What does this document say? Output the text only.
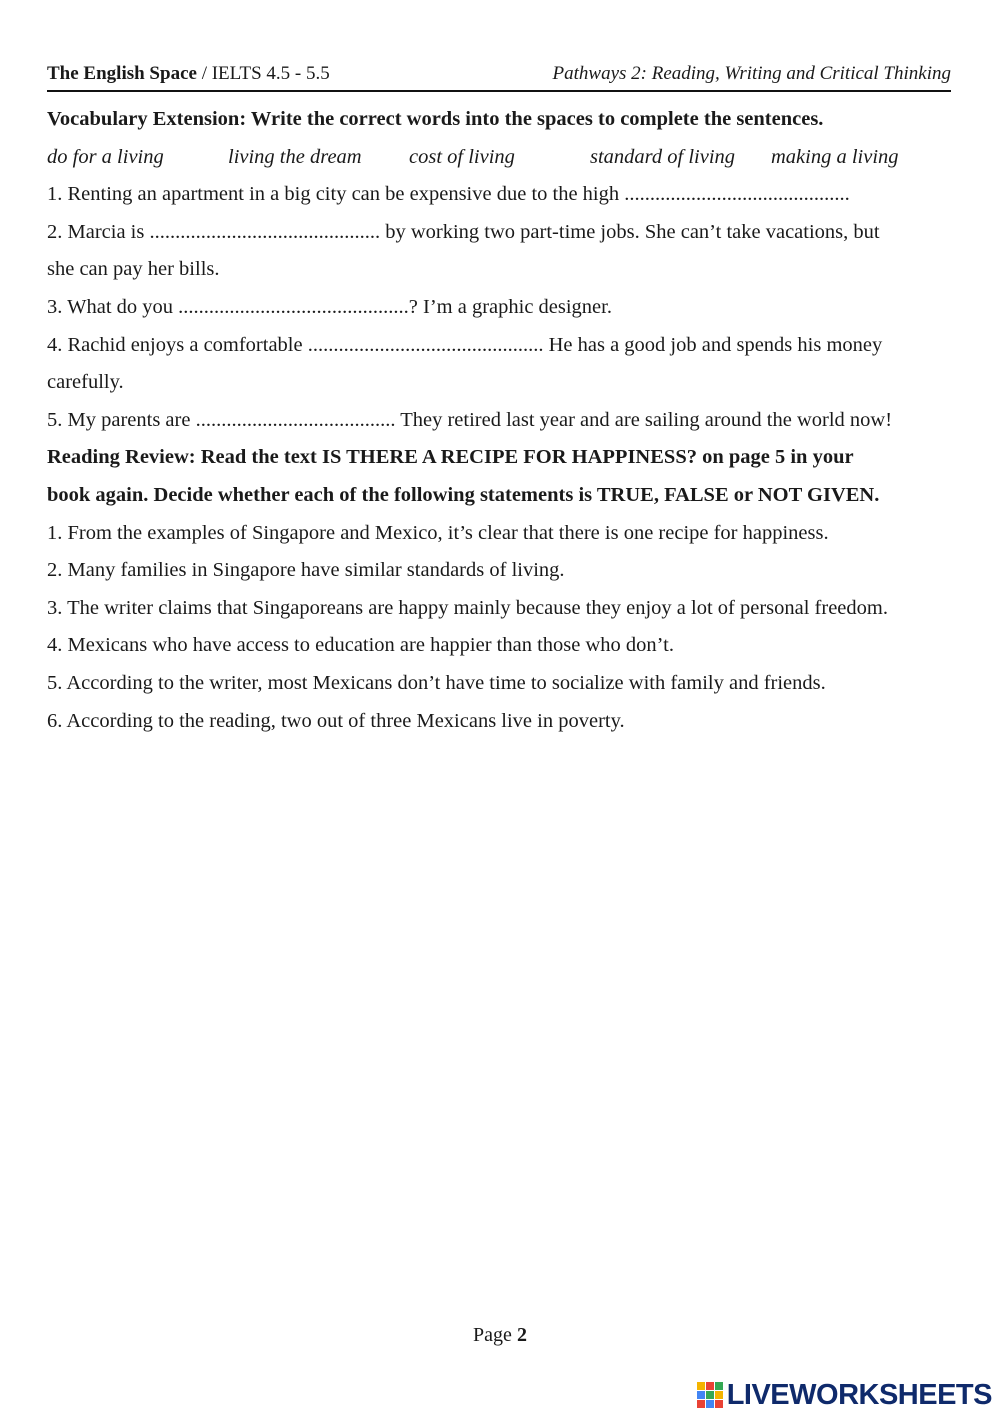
The English Space / IELTS 4.5 - 5.5	Pathways 2: Reading, Writing and Critical Thinking
Vocabulary Extension: Write the correct words into the spaces to complete the sentences.
do for a living	living the dream cost of living	standard of living making a living
1. Renting an apartment in a big city can be expensive due to the high ............................................
2. Marcia is ............................................. by working two part-time jobs. She can’t take vacations, but
she can pay her bills.
3. What do you .............................................? I’m a graphic designer.
4. Rachid enjoys a comfortable .............................................. He has a good job and spends his money
carefully.
5. My parents are ....................................... They retired last year and are sailing around the world now!
Reading Review: Read the text IS THERE A RECIPE FOR HAPPINESS? on page 5 in your
book again. Decide whether each of the following statements is TRUE, FALSE or NOT GIVEN.
1. From the examples of Singapore and Mexico, it’s clear that there is one recipe for happiness.
2. Many families in Singapore have similar standards of living.
3. The writer claims that Singaporeans are happy mainly because they enjoy a lot of personal freedom.
4. Mexicans who have access to education are happier than those who don’t.
5. According to the writer, most Mexicans don’t have time to socialize with family and friends.
6. According to the reading, two out of three Mexicans live in poverty.
Page 2
LIVEWORKSHEETS
